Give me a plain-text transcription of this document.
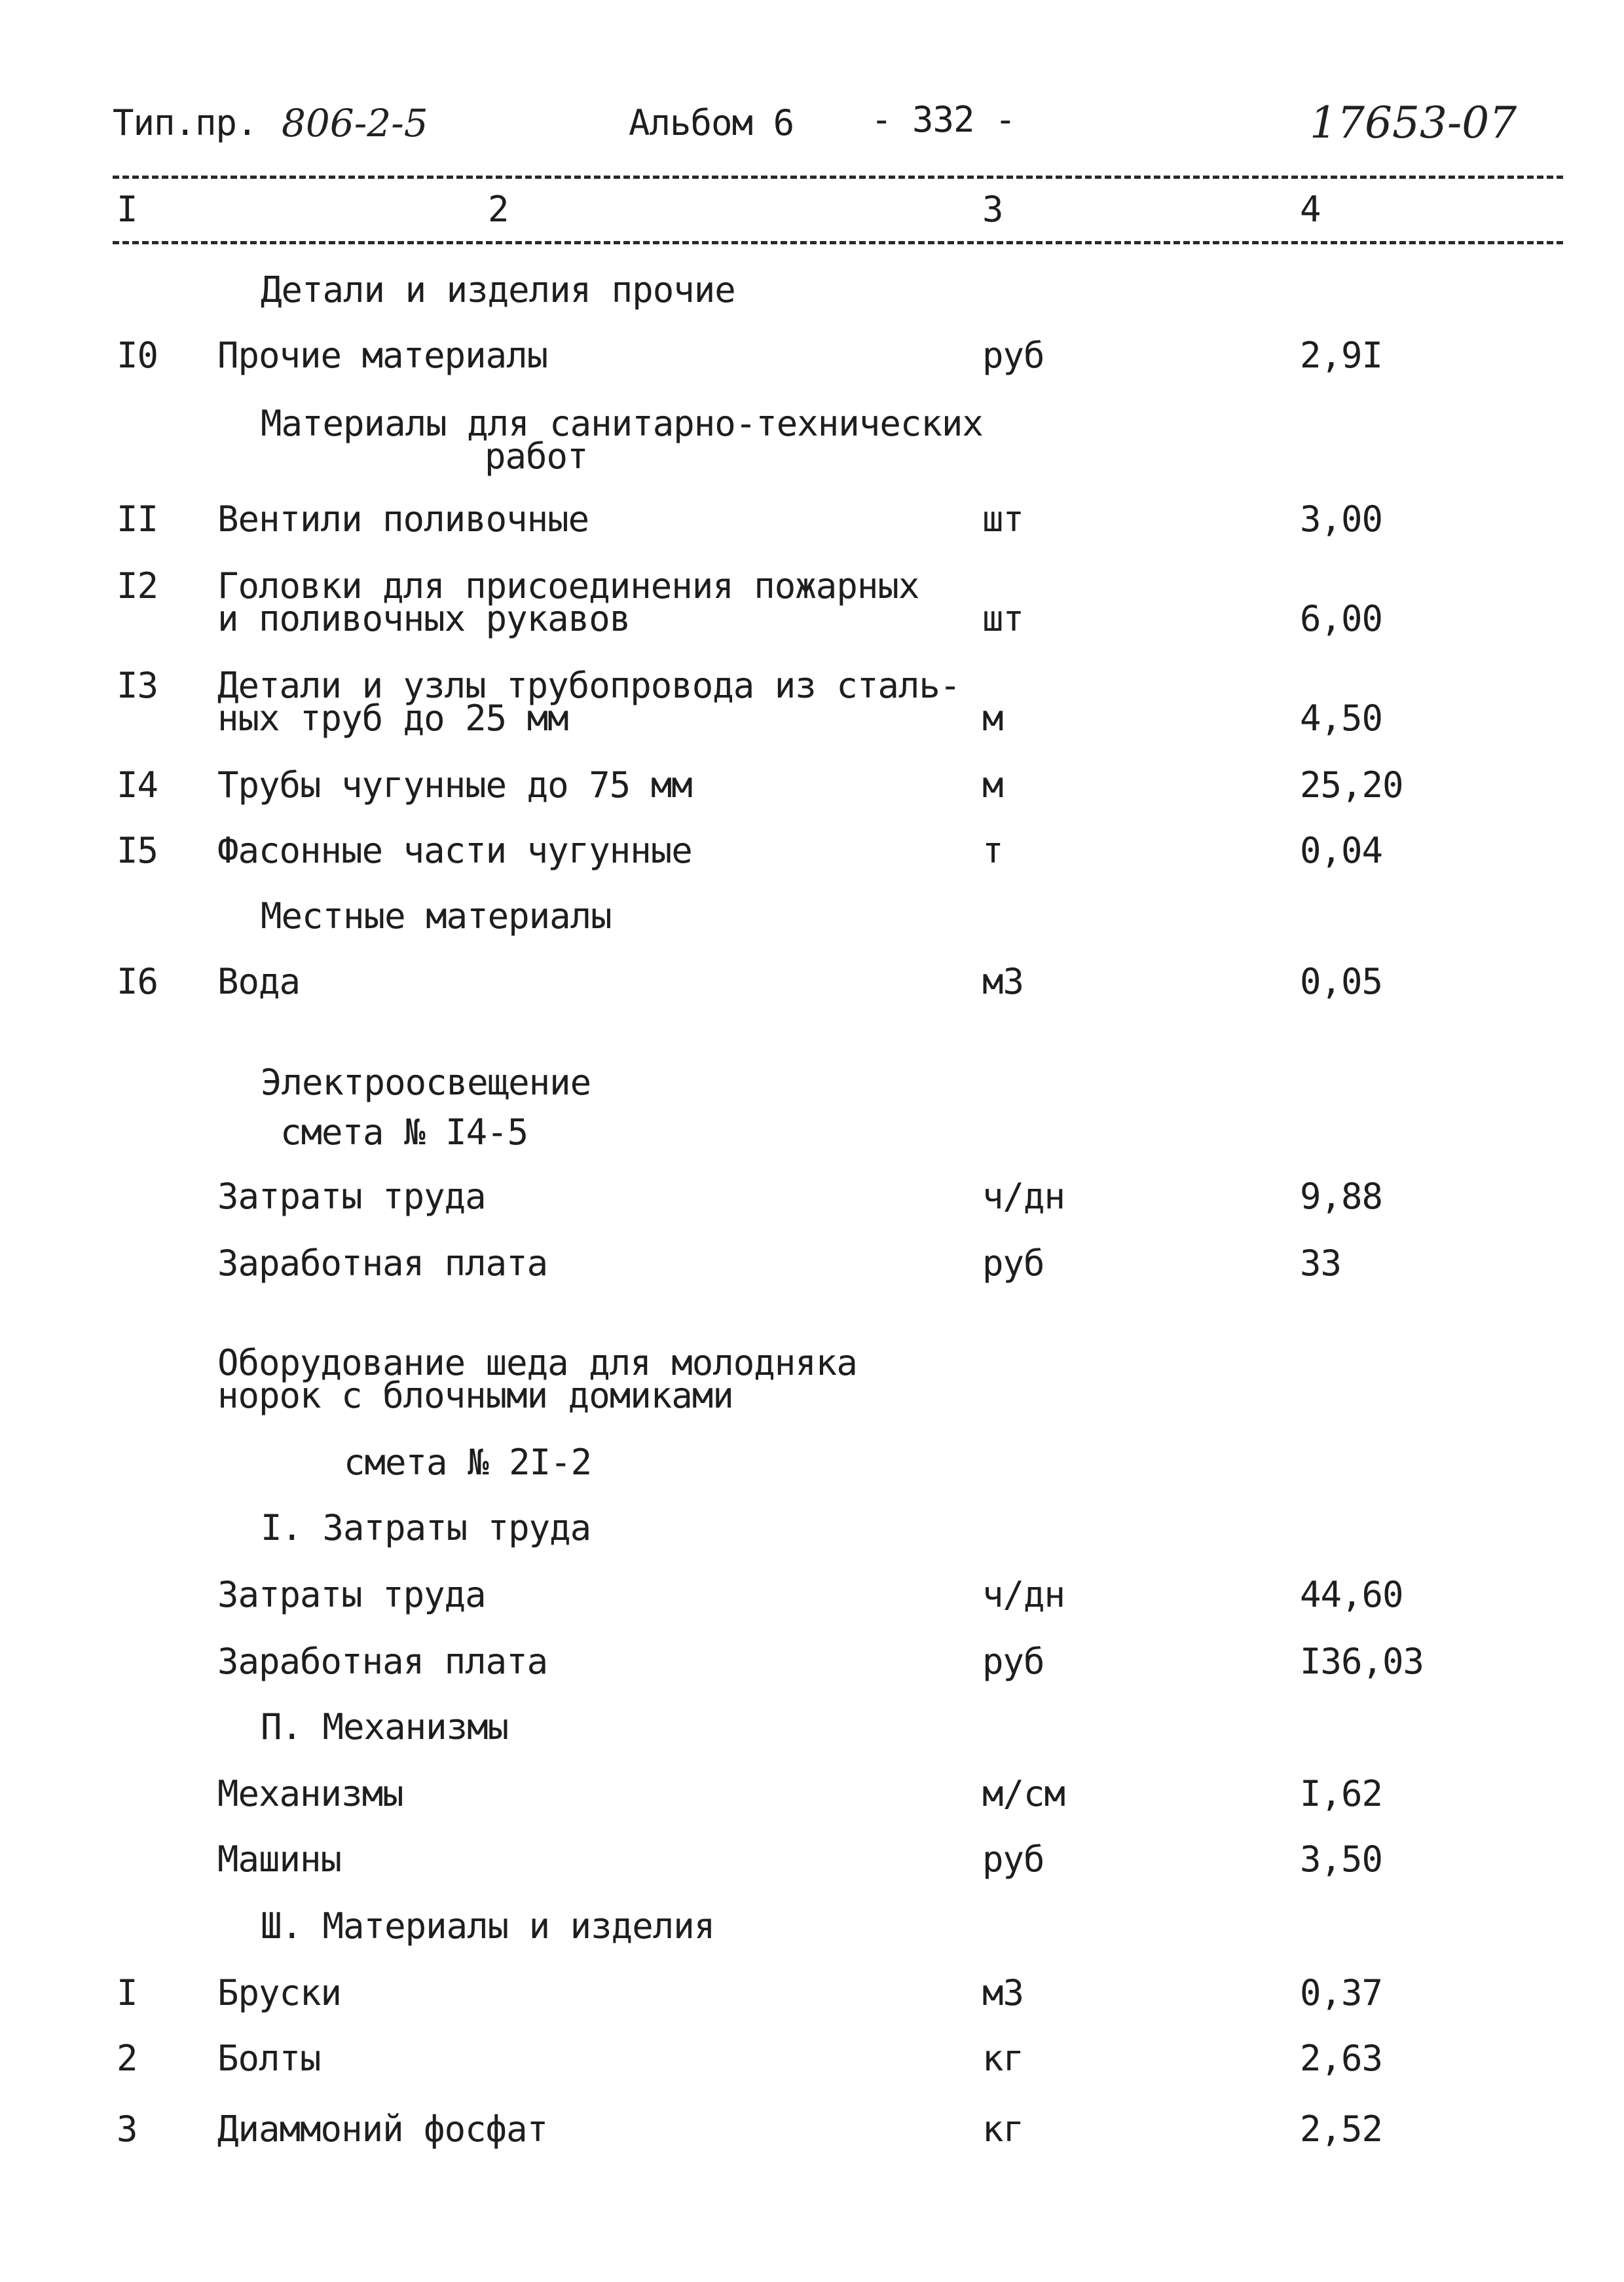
Тип.пр. 806-2-5	Альбом 6 - 332 -	17653-07
I	2	3	4
Детали и изделия прочие
I0 Прочие материалы	руб	2,9I
Материалы для санитарно-технических
работ
II Вентили поливочные	шт	3,00
I2 Головки для присоединения пожарных
и поливочных рукавов	шт	6,00
I3 Детали и узлы трубопровода из сталь-
ных труб до 25 мм	м	4,50
I4 Трубы чугунные до 75 мм	м	25,20
I5 Фасонные части чугунные	т	0,04
Местные материалы
I6 Вода	м3	0,05
Электроосвещение
смета № I4-5
Затраты труда	ч/дн	9,88
Заработная плата	руб	33
Оборудование шеда для молодняка
норок с блочными домиками
смета № 2I-2
I. Затраты труда
Затраты труда	ч/дн	44,60
Заработная плата	руб	I36,03
П. Механизмы
Механизмы	м/см	I,62
Машины	руб	3,50
Ш. Материалы и изделия
I Бруски	м3	0,37
2 Болты	кг	2,63
3 Диаммоний фосфат	кг	2,52
